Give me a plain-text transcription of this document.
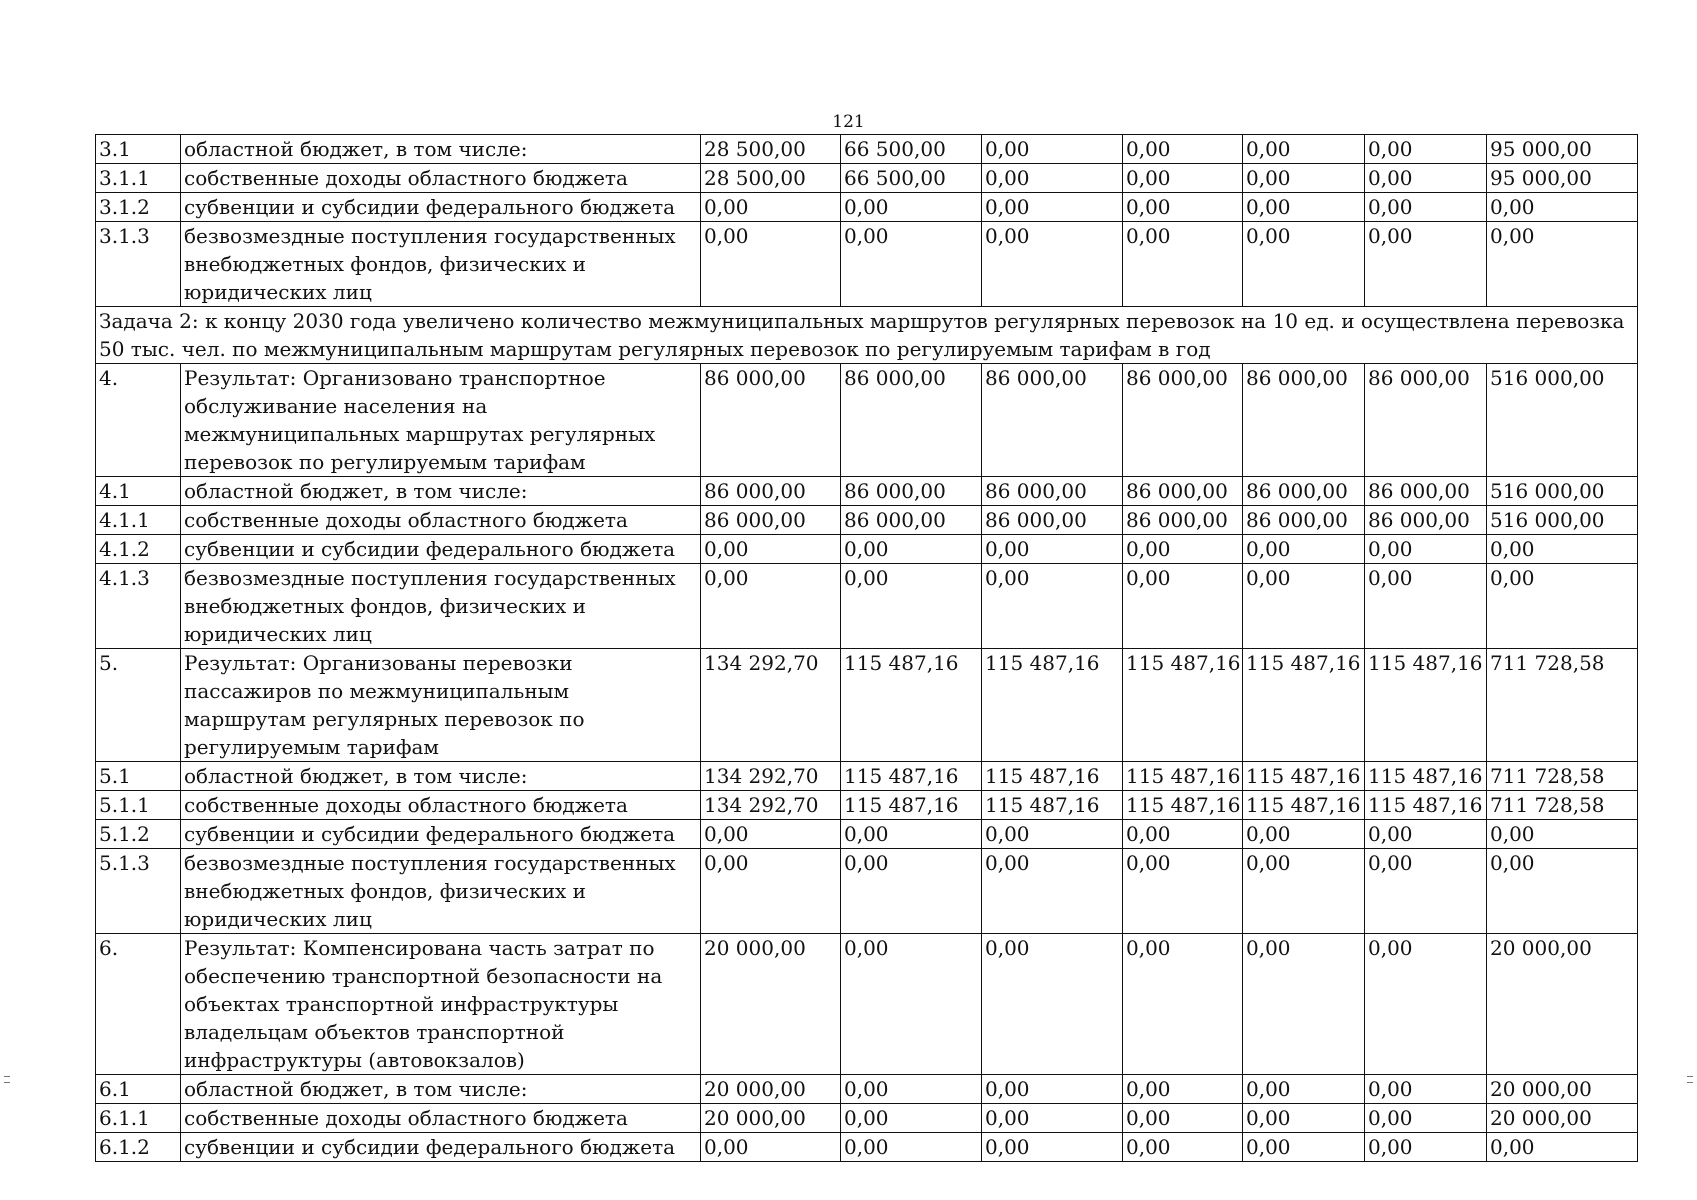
121
3.1	областной бюджет, в том числе:	28 500,00	66 500,00	0,00	0,00	0,00	0,00	95 000,00
3.1.1	собственные доходы областного бюджета	28 500,00	66 500,00	0,00	0,00	0,00	0,00	95 000,00
3.1.2	субвенции и субсидии федерального бюджета	0,00	0,00	0,00	0,00	0,00	0,00	0,00
3.1.3	безвозмездные поступления государственных внебюджетных фондов, физических и юридических лиц	0,00	0,00	0,00	0,00	0,00	0,00	0,00
Задача 2: к концу 2030 года увеличено количество межмуниципальных маршрутов регулярных перевозок на 10 ед. и осуществлена перевозка 50 тыс. чел. по межмуниципальным маршрутам регулярных перевозок по регулируемым тарифам в год								
4.	Результат: Организовано транспортное обслуживание населения на межмуниципальных маршрутах регулярных перевозок по регулируемым тарифам	86 000,00	86 000,00	86 000,00	86 000,00	86 000,00	86 000,00	516 000,00
4.1	областной бюджет, в том числе:	86 000,00	86 000,00	86 000,00	86 000,00	86 000,00	86 000,00	516 000,00
4.1.1	собственные доходы областного бюджета	86 000,00	86 000,00	86 000,00	86 000,00	86 000,00	86 000,00	516 000,00
4.1.2	субвенции и субсидии федерального бюджета	0,00	0,00	0,00	0,00	0,00	0,00	0,00
4.1.3	безвозмездные поступления государственных внебюджетных фондов, физических и юридических лиц	0,00	0,00	0,00	0,00	0,00	0,00	0,00
5.	Результат: Организованы перевозки пассажиров по межмуниципальным маршрутам регулярных перевозок по регулируемым тарифам	134 292,70	115 487,16	115 487,16	115 487,16	115 487,16	115 487,16	711 728,58
5.1	областной бюджет, в том числе:	134 292,70	115 487,16	115 487,16	115 487,16	115 487,16	115 487,16	711 728,58
5.1.1	собственные доходы областного бюджета	134 292,70	115 487,16	115 487,16	115 487,16	115 487,16	115 487,16	711 728,58
5.1.2	субвенции и субсидии федерального бюджета	0,00	0,00	0,00	0,00	0,00	0,00	0,00
5.1.3	безвозмездные поступления государственных внебюджетных фондов, физических и юридических лиц	0,00	0,00	0,00	0,00	0,00	0,00	0,00
6.	Результат: Компенсирована часть затрат по обеспечению транспортной безопасности на объектах транспортной инфраструктуры владельцам объектов транспортной инфраструктуры (автовокзалов)	20 000,00	0,00	0,00	0,00	0,00	0,00	20 000,00
6.1	областной бюджет, в том числе:	20 000,00	0,00	0,00	0,00	0,00	0,00	20 000,00
6.1.1	собственные доходы областного бюджета	20 000,00	0,00	0,00	0,00	0,00	0,00	20 000,00
6.1.2	субвенции и субсидии федерального бюджета	0,00	0,00	0,00	0,00	0,00	0,00	0,00
